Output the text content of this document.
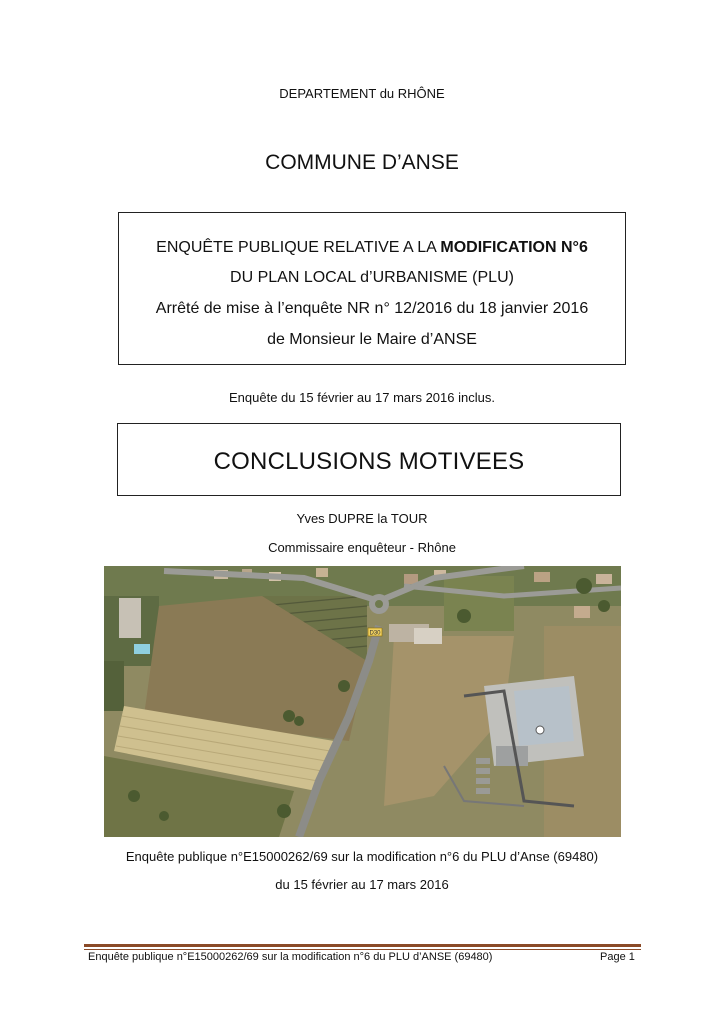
DEPARTEMENT du RHÔNE
COMMUNE D’ANSE
ENQUÊTE PUBLIQUE RELATIVE A LA MODIFICATION N°6
DU PLAN LOCAL d’URBANISME (PLU)
Arrêté de mise à l’enquête NR n° 12/2016 du 18 janvier 2016
de Monsieur le Maire d’ANSE
Enquête du 15 février au 17 mars 2016 inclus.
CONCLUSIONS MOTIVEES
Yves DUPRE la TOUR
Commissaire enquêteur - Rhône
D30
Enquête publique n°E15000262/69 sur la modification n°6 du PLU d’Anse (69480)
du 15 février au 17 mars 2016
Enquête publique n°E15000262/69 sur la modification n°6 du PLU d’ANSE (69480)	Page 1
